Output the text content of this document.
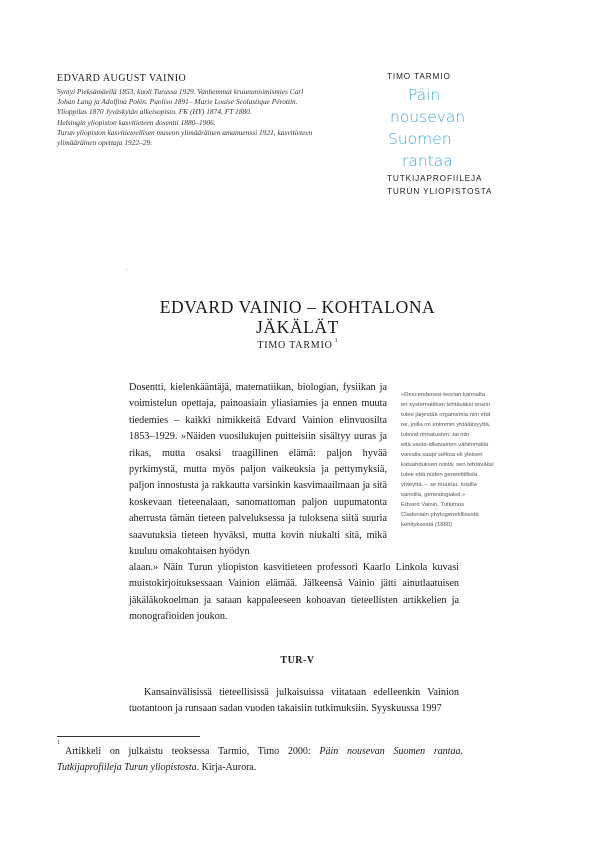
EDVARD AUGUST VAINIO
Syntyi Pieksämäellä 1853, kuoli Turussa 1929. Vanhemmat kruununnimismies Carl
Johan Lang ja Adolfina Polén. Puoliso 1891– Marie Louise Scolastique Pérottin.
Ylioppilas 1870 Jyväskylän alkeisopisto. FK (HY) 1874, FT 1880.
Helsingin yliopiston kasvitieteen dosentti 1880–1906.
Turun yliopiston kasvitieteellisen museon ylimääräinen amanuenssi 1921, kasvitieteen
ylimääräinen opettaja 1922–29.
TIMO TARMIO
Päin
nousevan
Suomen
rantaa
TUTKIJAPROFIILEJA
TURUN YLIOPISTOSTA
.
EDVARD VAINIO – KOHTALONA
JÄKÄLÄT
TIMO TARMIO $^1$
Dosentti, kielenkääntäjä, matematiikan, biologian, fysiikan ja voimistelun opettaja, painoasiain yliasiamies ja ennen muuta tiedemies – kaikki nimikkeitä Edvard Vainion elinvuosilta 1853–1929. »Näiden vuosilukujen puitteisiin sisältyy uuras ja rikas, mutta osaksi traagillinen elämä: paljon hyvää pyrkimystä, mutta myös paljon vaikeuksia ja pettymyksiä, paljon innostusta ja rakkautta varsinkin kasvimaailmaan ja sitä koskevaan tieteenalaan, sanomattoman paljon uupumatonta aherrusta tämän tieteen palveluksessa ja tuloksena siitä suuria saavutuksia tieteen hyväksi, mutta kovin niukalti sitä, mikä kuuluu omakohtaisen hyödyn
alaan.» Näin Turun yliopiston kasvitieteen professori Kaarlo Linkola kuvasi muistokirjoituksessaan Vainion elämää. Jälkeensä Vainio jätti ainutlaatuisen jäkäläkokoelman ja sataan kappaleeseen kohoavan tieteellisten artikkelien ja monografioiden joukon.
TUR-V
Kansainvälisissä tieteellisissä julkaisuissa viitataan edelleenkin Vainion tuotantoon ja runsaan sadan vuoden takaisiin tutkimuksiin. Syyskuussa 1997
»Descendenssi-teorian kannalta
eri systematiikan tehtäväksi ensiin
tulee järjestää organismia niin että
ne, joilla on enimmin yhtäläisyyttä,
tulevat rinnatusten, tai niin
että vasta-alkavainen vähimmällä
vaivalla saapi selkoa eli yleisen
katsahduksen niistä; sen tehtäväksi
tulee että niiden geneettillistä
yhteyttä, – se muutuu, toisilla
sanoilla, genealogiaksi.»
Edvard Vainio, Tutkimus
Cladoniain phylogenetillisestä
kehityksestä (1880)
1
Artikkeli on julkaistu teoksessa Tarmio, Timo 2000: Päin nousevan Suomen rantaa. Tutkijaprofiileja Turun yliopistosta. Kirja-Aurora.
